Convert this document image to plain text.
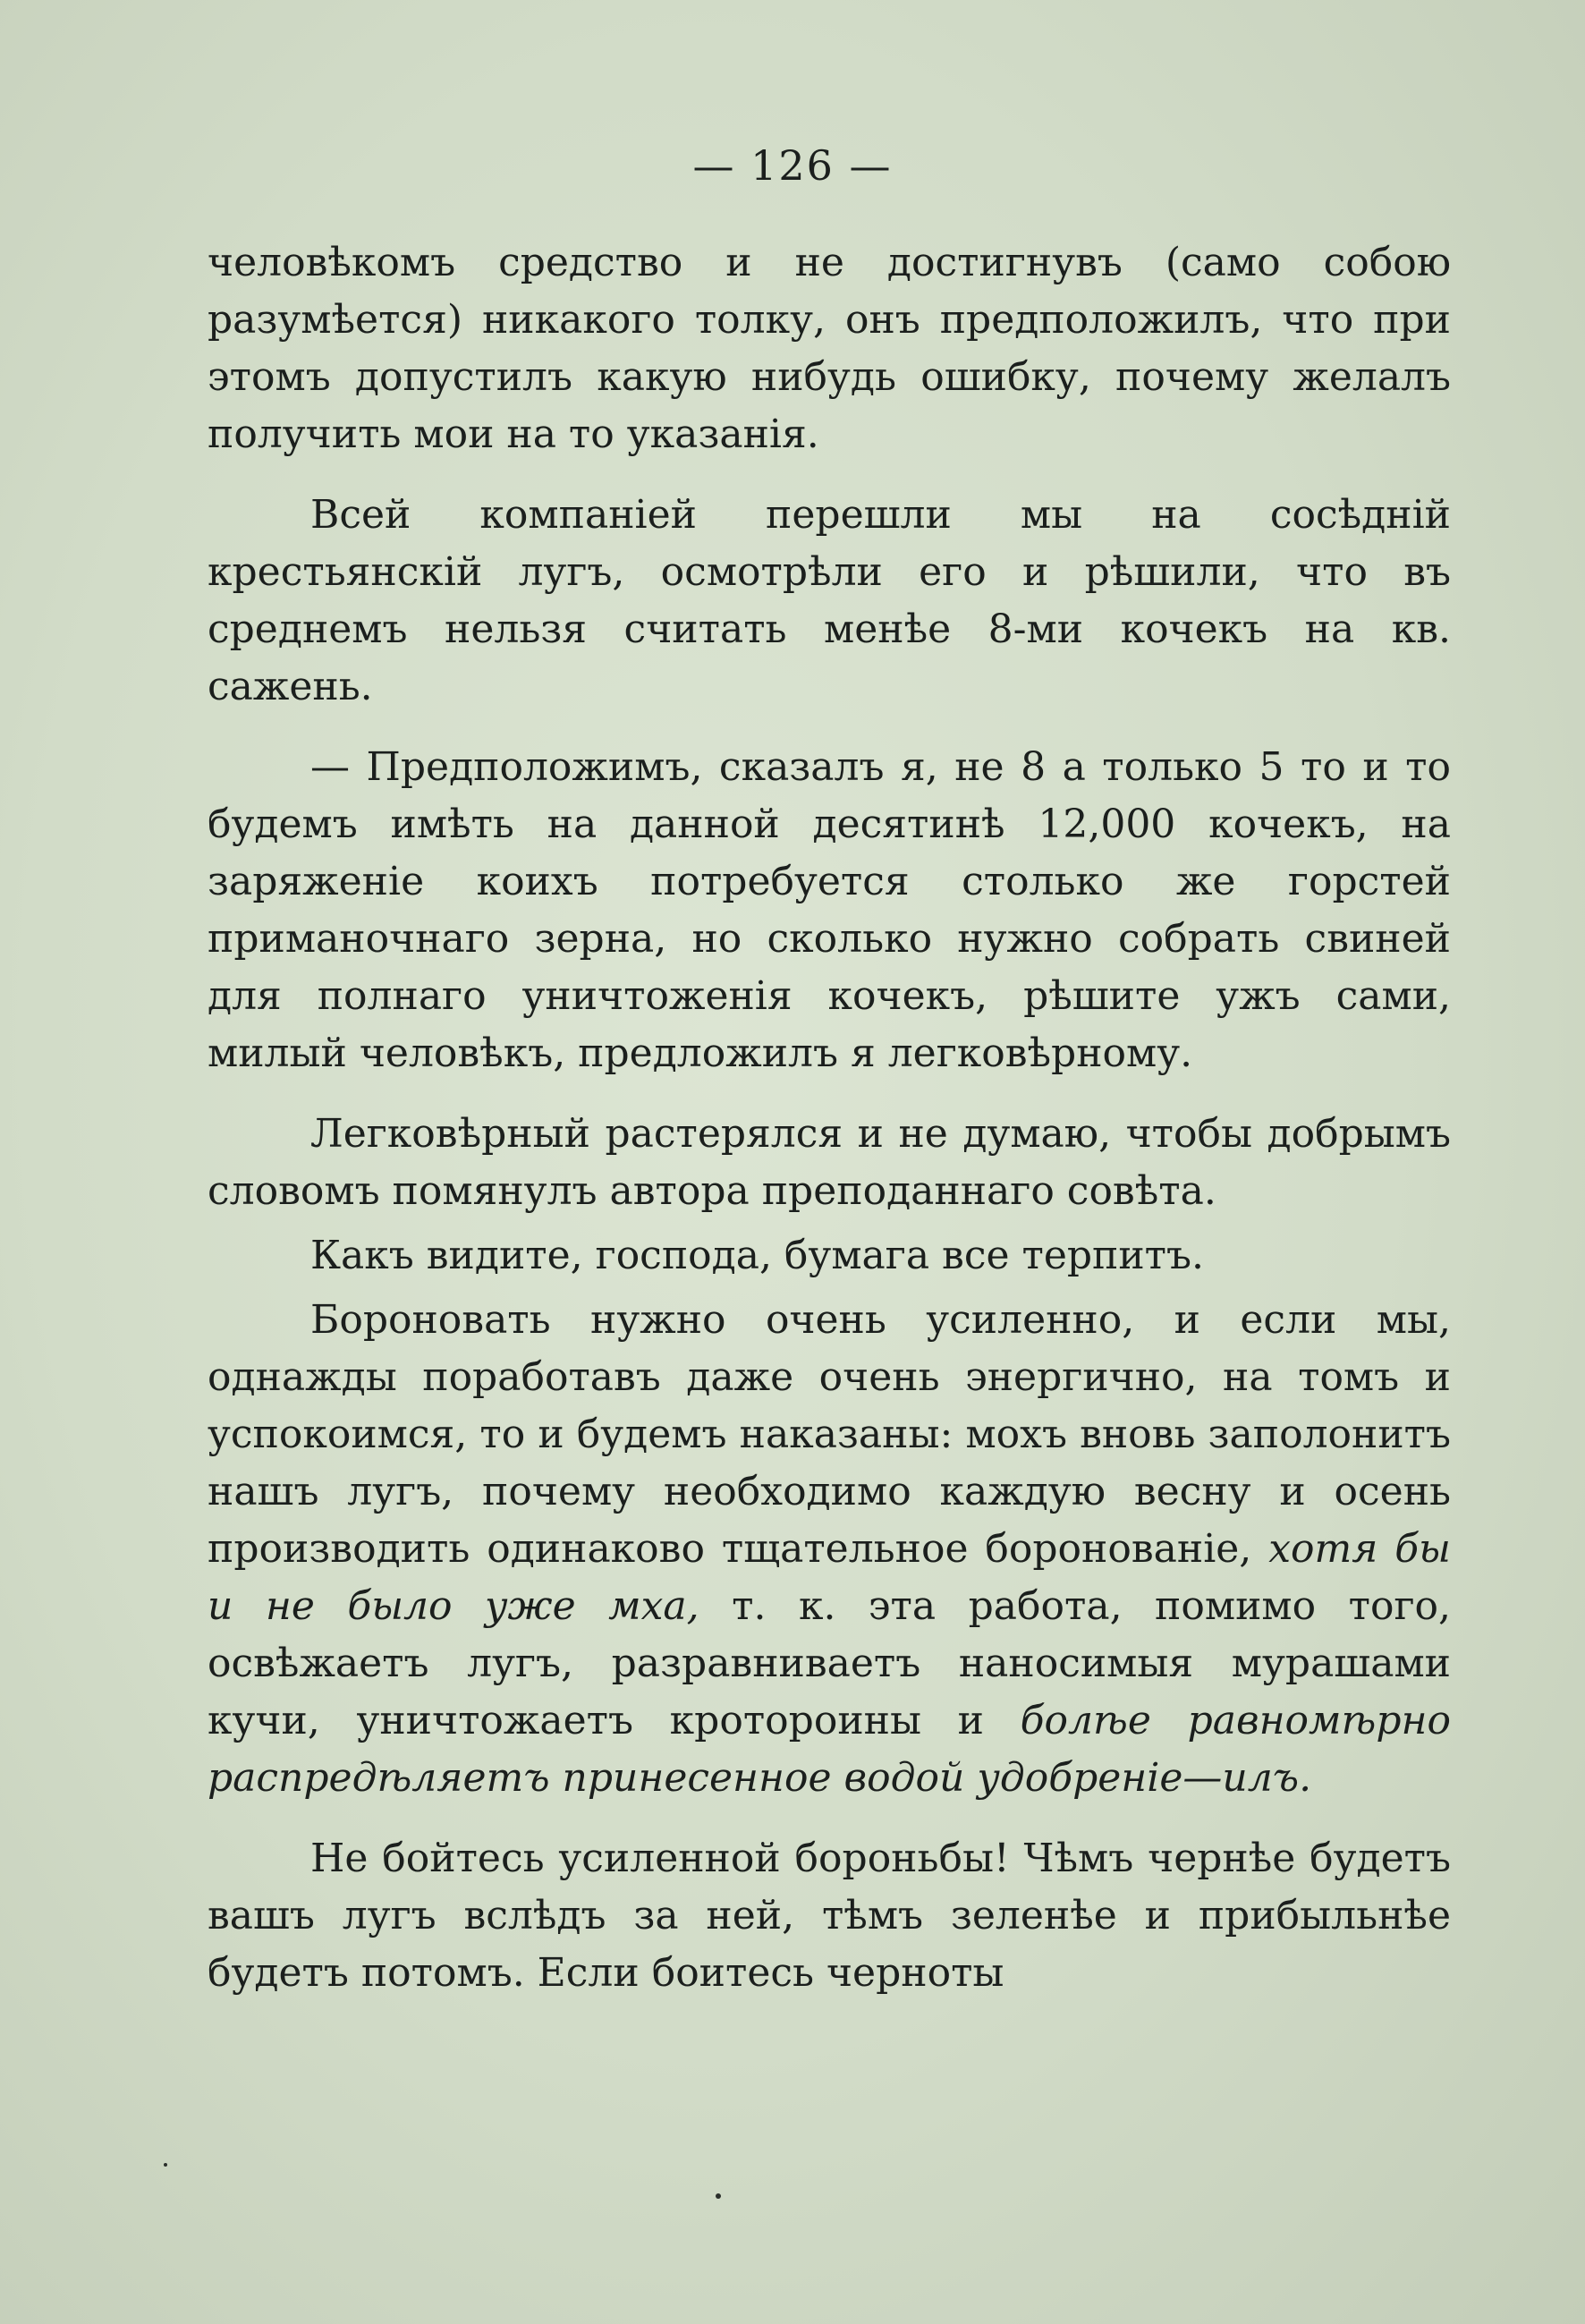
— 126 —

человѣкомъ средство и не достигнувъ (само собою разумѣется) никакого толку, онъ предположилъ, что при этомъ допустилъ какую нибудь ошибку, почему желалъ получить мои на то указанія.

Всей компаніей перешли мы на сосѣдній крестьянскій лугъ, осмотрѣли его и рѣшили, что въ среднемъ нельзя считать менѣе 8-ми кочекъ на кв. сажень.

— Предположимъ, сказалъ я, не 8 а только 5 то и то будемъ имѣть на данной десятинѣ 12,000 кочекъ, на заряженіе коихъ потребуется столько же горстей приманочнаго зерна, но сколько нужно собрать свиней для полнаго уничтоженія кочекъ, рѣшите ужъ сами, милый человѣкъ, предложилъ я легковѣрному.

Легковѣрный растерялся и не думаю, чтобы добрымъ словомъ помянулъ автора преподаннаго совѣта.

Какъ видите, господа, бумага все терпитъ.

Бороновать нужно очень усиленно, и если мы, однажды поработавъ даже очень энергично, на томъ и успокоимся, то и будемъ наказаны: мохъ вновь заполонитъ нашъ лугъ, почему необходимо каждую весну и осень производить одинаково тщательное боронованіе, хотя бы и не было уже мха, т. к. эта работа, помимо того, освѣжаетъ лугъ, разравниваетъ наносимыя мурашами кучи, уничтожаетъ кротороины и болѣе равномѣрно распредѣляетъ принесенное водой удобреніе—илъ.

Не бойтесь усиленной бороньбы! Чѣмъ чернѣе будетъ вашъ лугъ вслѣдъ за ней, тѣмъ зеленѣе и прибыльнѣе будетъ потомъ. Если боитесь черноты
